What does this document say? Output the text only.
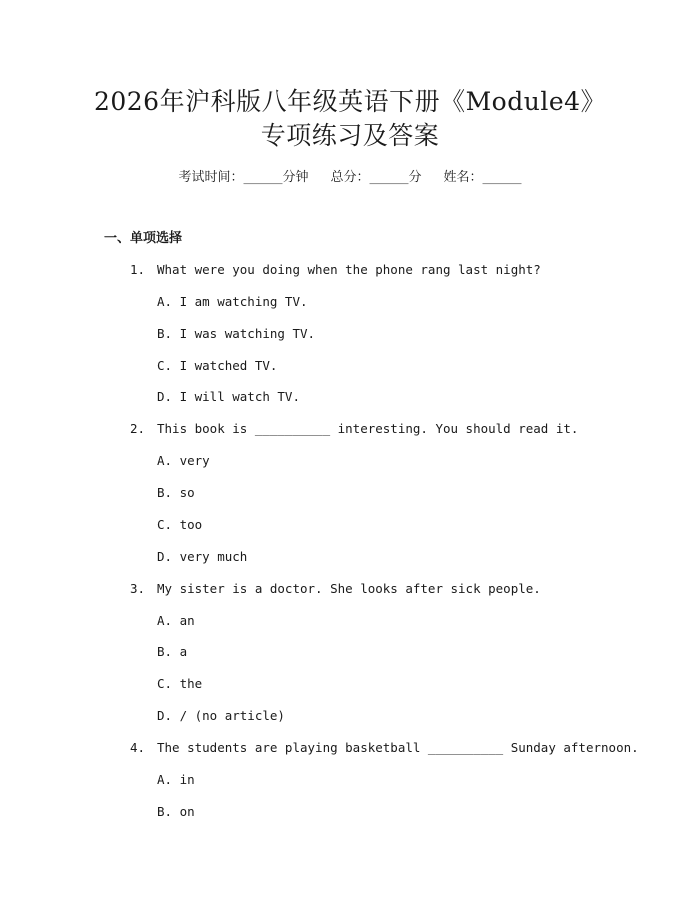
2026年沪科版八年级英语下册《Module4》
专项练习及答案
考试时间：______分钟 总分：______分 姓名：______
一、单项选择
1. What were you doing when the phone rang last night?
A. I am watching TV.
B. I was watching TV.
C. I watched TV.
D. I will watch TV.
2. This book is __________ interesting. You should read it.
A. very
B. so
C. too
D. very much
3. My sister is a doctor. She looks after sick people.
A. an
B. a
C. the
D. / (no article)
4. The students are playing basketball __________ Sunday afternoon.
A. in
B. on
